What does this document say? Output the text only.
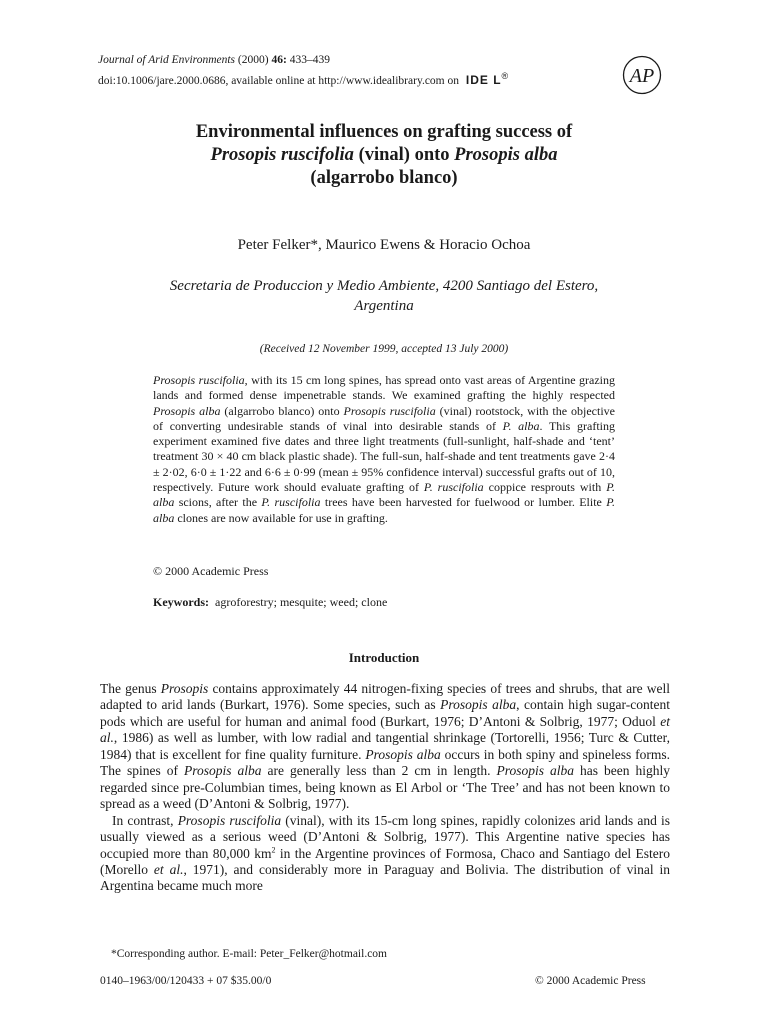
Journal of Arid Environments (2000) 46: 433–439
doi:10.1006/jare.2000.0686, available online at http://www.idealibrary.com on IDE L®	AP
Environmental influences on grafting success of
Prosopis ruscifolia (vinal) onto Prosopis alba
(algarrobo blanco)
Peter Felker*, Maurico Ewens & Horacio Ochoa
Secretaria de Produccion y Medio Ambiente, 4200 Santiago del Estero,
Argentina
(Received 12 November 1999, accepted 13 July 2000)
Prosopis ruscifolia, with its 15 cm long spines, has spread onto vast areas of Argentine grazing lands and formed dense impenetrable stands. We examined grafting the highly respected Prosopis alba (algarrobo blanco) onto Prosopis ruscifolia (vinal) rootstock, with the objective of converting undesirable stands of vinal into desirable stands of P. alba. This grafting experiment examined five dates and three light treatments (full-sunlight, half-shade and ‘tent’ treatment 30 × 40 cm black plastic shade). The full-sun, half-shade and tent treatments gave 2·4 ± 2·02, 6·0 ± 1·22 and 6·6 ± 0·99 (mean ± 95% confidence interval) successful grafts out of 10, respectively. Future work should evaluate grafting of P. ruscifolia coppice resprouts with P. alba scions, after the P. ruscifolia trees have been harvested for fuelwood or lumber. Elite P. alba clones are now available for use in grafting.
© 2000 Academic Press
Keywords: agroforestry; mesquite; weed; clone
Introduction

The genus Prosopis contains approximately 44 nitrogen-fixing species of trees and shrubs, that are well adapted to arid lands (Burkart, 1976). Some species, such as Prosopis alba, contain high sugar-content pods which are useful for human and animal food (Burkart, 1976; D’Antoni & Solbrig, 1977; Oduol et al., 1986) as well as lumber, with low radial and tangential shrinkage (Tortorelli, 1956; Turc & Cutter, 1984) that is excellent for fine quality furniture. Prosopis alba occurs in both spiny and spineless forms. The spines of Prosopis alba are generally less than 2 cm in length. Prosopis alba has been highly regarded since pre-Columbian times, being known as El Arbol or ‘The Tree’ and has not been known to spread as a weed (D’Antoni & Solbrig, 1977).

In contrast, Prosopis ruscifolia (vinal), with its 15-cm long spines, rapidly colonizes arid lands and is usually viewed as a serious weed (D’Antoni & Solbrig, 1977). This Argentine native species has occupied more than 80,000 $km^2$ in the Argentine provinces of Formosa, Chaco and Santiago del Estero (Morello et al., 1971), and considerably more in Paraguay and Bolivia. The distribution of vinal in Argentina became much more

*Corresponding author. E-mail: Peter_Felker@hotmail.com
0140–1963/00/120433 + 07 $35.00/0	© 2000 Academic Press
